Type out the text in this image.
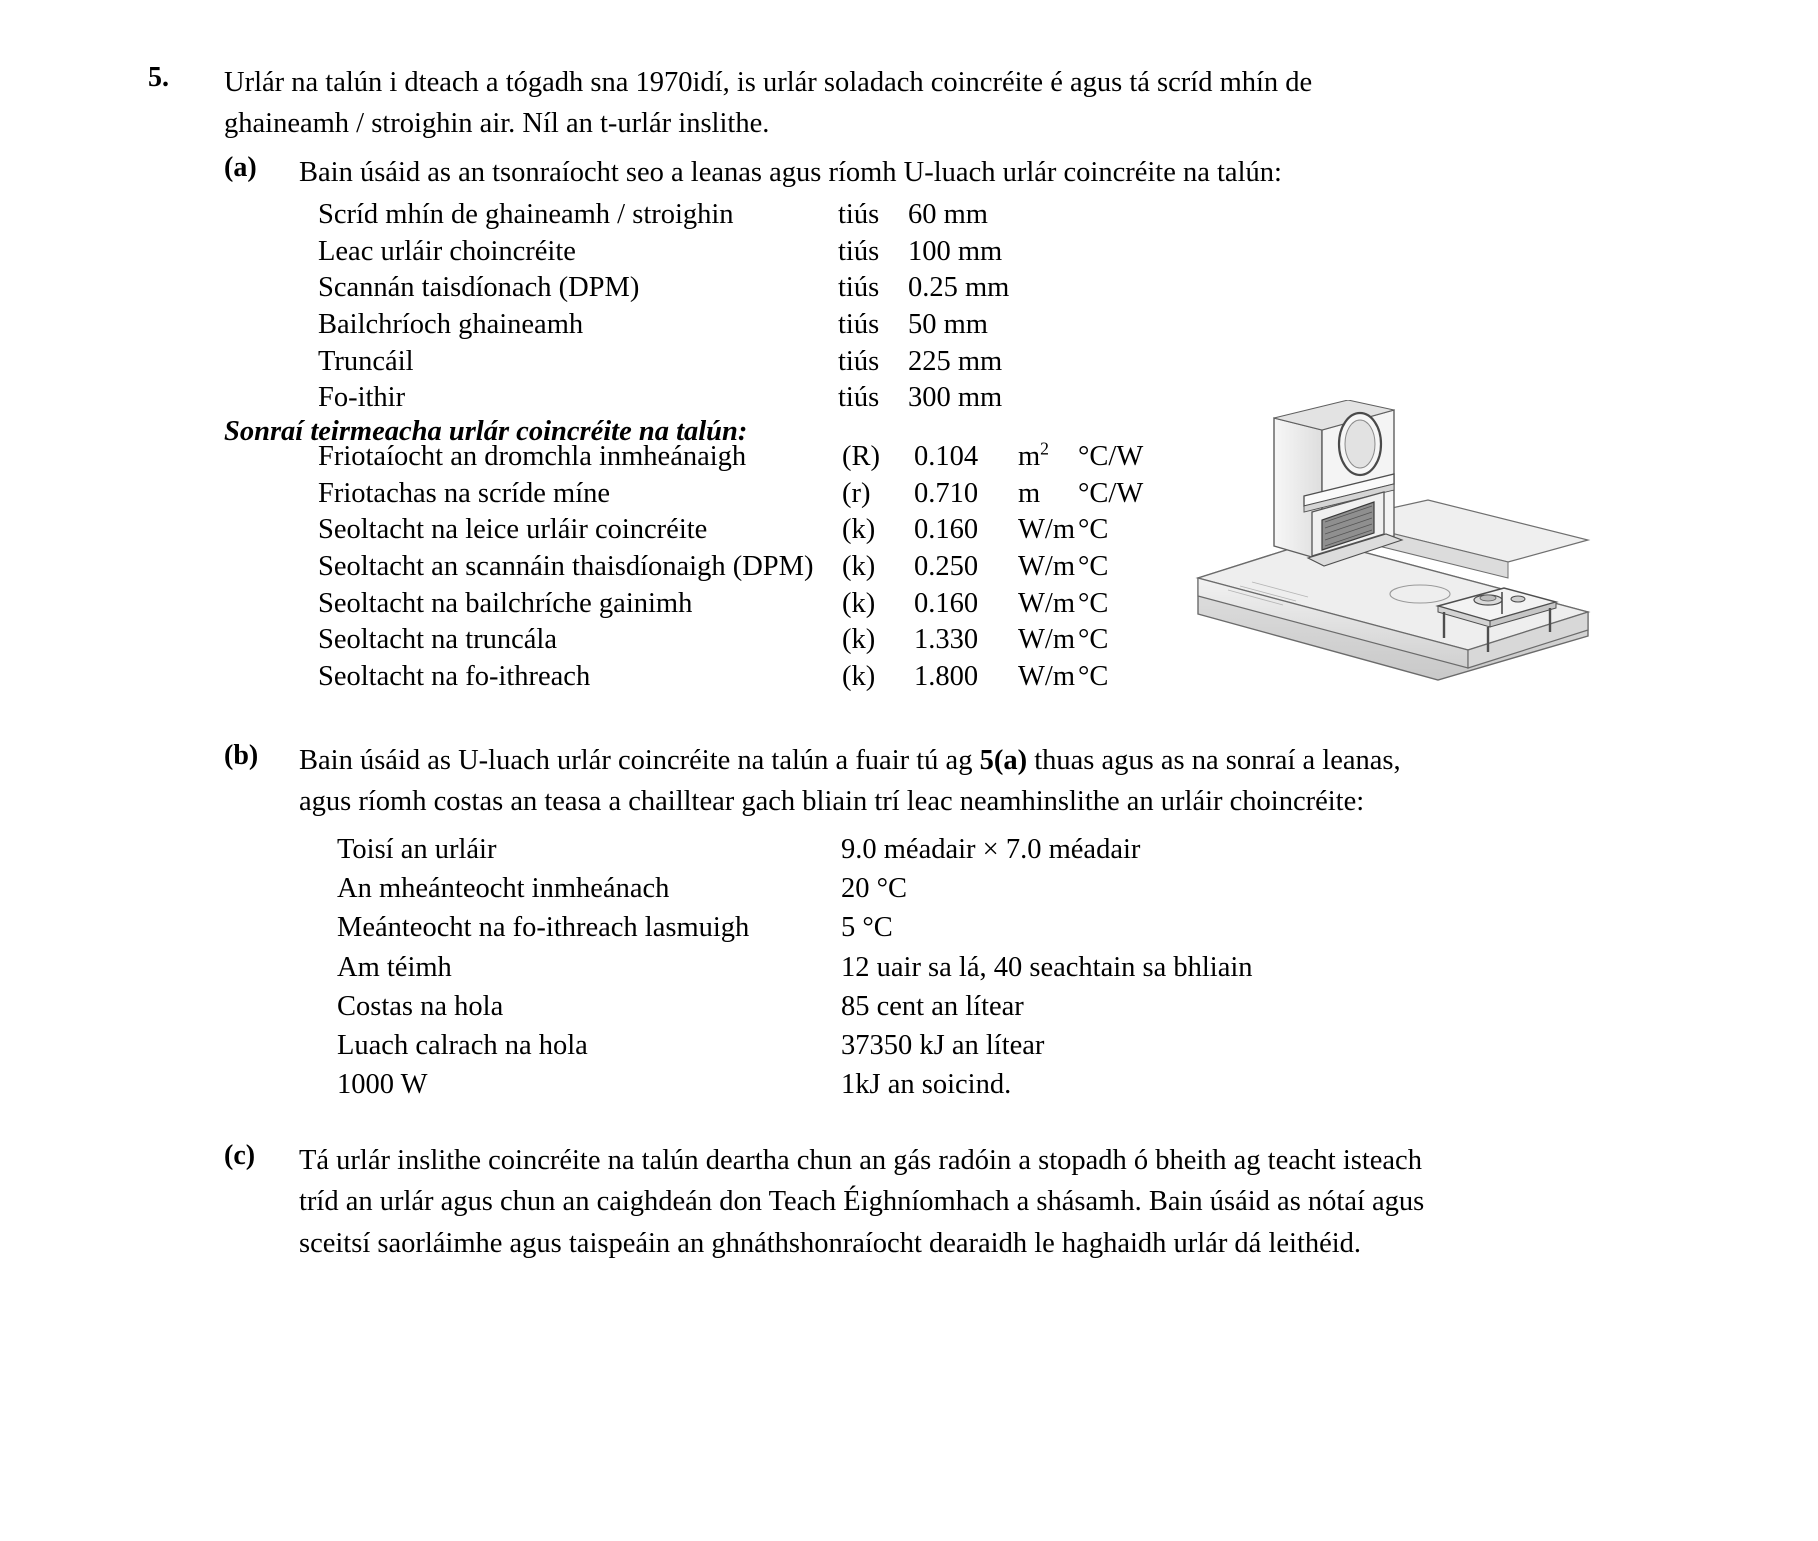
5. Urlár na talún i dteach a tógadh sna 1970idí, is urlár soladach coincréite é agus tá scríd mhín de ghaineamh / stroighin air. Níl an t-urlár inslithe.
(a) Bain úsáid as an tsonraíocht seo a leanas agus ríomh U-luach urlár coincréite na talún:
Scríd mhín de ghaineamh / stroighin	tiús	60 mm
Leac urláir choincréite	tiús	100 mm
Scannán taisdíonach (DPM)	tiús	0.25 mm
Bailchríoch ghaineamh	tiús	50 mm
Truncáil	tiús	225 mm
Fo-ithir	tiús	300 mm
Sonraí teirmeacha urlár coincréite na talún:
Friotaíocht an dromchla inmheánaigh	(R)	0.104	$m^2$	°C/W
Friotachas na scríde míne	(r)	0.710	m	°C/W
Seoltacht na leice urláir coincréite	(k)	0.160	W/m	°C
Seoltacht an scannáin thaisdíonaigh (DPM)	(k)	0.250	W/m	°C
Seoltacht na bailchríche gainimh	(k)	0.160	W/m	°C
Seoltacht na truncála	(k)	1.330	W/m	°C
Seoltacht na fo-ithreach	(k)	1.800	W/m	°C
(b) Bain úsáid as U-luach urlár coincréite na talún a fuair tú ag 5(a) thuas agus as na sonraí a leanas, agus ríomh costas an teasa a chailltear gach bliain trí leac neamhinslithe an urláir choincréite:
Toisí an urláir	9.0 méadair × 7.0 méadair
An mheánteocht inmheánach	20 °C
Meánteocht na fo-ithreach lasmuigh	5 °C
Am téimh	12 uair sa lá, 40 seachtain sa bhliain
Costas na hola	85 cent an lítear
Luach calrach na hola	37350 kJ an lítear
1000 W	1kJ an soicind.
(c) Tá urlár inslithe coincréite na talún deartha chun an gás radóin a stopadh ó bheith ag teacht isteach tríd an urlár agus chun an caighdeán don Teach Éighníomhach a shásamh. Bain úsáid as nótaí agus sceitsí saorláimhe agus taispeáin an ghnáthshonraíocht dearaidh le haghaidh urlár dá leithéid.
